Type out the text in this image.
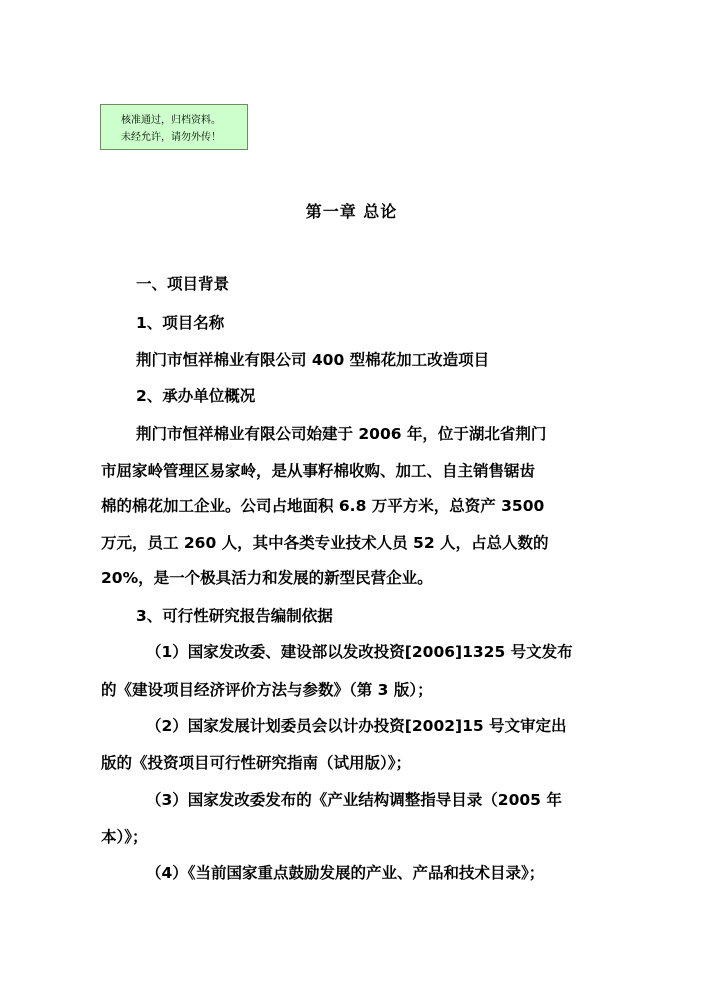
核准通过，归档资料。
未经允许，请勿外传！
第一章 总论
一、项目背景
1、项目名称
荆门市恒祥棉业有限公司 400 型棉花加工改造项目
2、承办单位概况
荆门市恒祥棉业有限公司始建于 2006 年，位于湖北省荆门
市屈家岭管理区易家岭，是从事籽棉收购、加工、自主销售锯齿
棉的棉花加工企业。公司占地面积 6.8 万平方米，总资产 3500
万元，员工 260 人，其中各类专业技术人员 52 人，占总人数的
20%，是一个极具活力和发展的新型民营企业。
3、可行性研究报告编制依据
（1）国家发改委、建设部以发改投资[2006]1325 号文发布
的《建设项目经济评价方法与参数》（第 3 版）；
（2）国家发展计划委员会以计办投资[2002]15 号文审定出
版的《投资项目可行性研究指南（试用版）》；
（3）国家发改委发布的《产业结构调整指导目录（2005 年
本）》；
（4）《当前国家重点鼓励发展的产业、产品和技术目录》；
